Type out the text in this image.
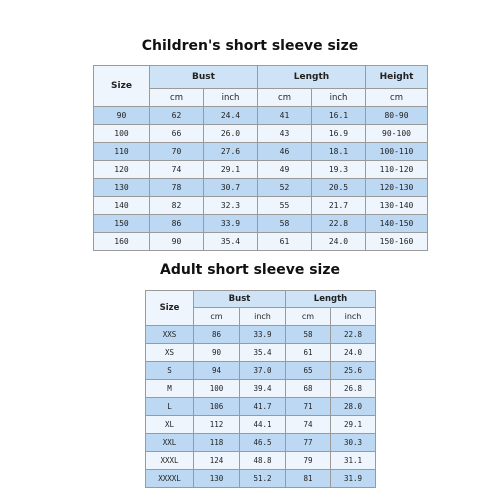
Children's short sleeve size
Size	Bust		Length		Height
	cm	inch	cm	inch	cm
90	62	24.4	41	16.1	80-90
100	66	26.0	43	16.9	90-100
110	70	27.6	46	18.1	100-110
120	74	29.1	49	19.3	110-120
130	78	30.7	52	20.5	120-130
140	82	32.3	55	21.7	130-140
150	86	33.9	58	22.8	140-150
160	90	35.4	61	24.0	150-160
Adult short sleeve size
Size	Bust		Length	
	cm	inch	cm	inch
XXS	86	33.9	58	22.8
XS	90	35.4	61	24.0
S	94	37.0	65	25.6
M	100	39.4	68	26.8
L	106	41.7	71	28.0
XL	112	44.1	74	29.1
XXL	118	46.5	77	30.3
XXXL	124	48.8	79	31.1
XXXXL	130	51.2	81	31.9
